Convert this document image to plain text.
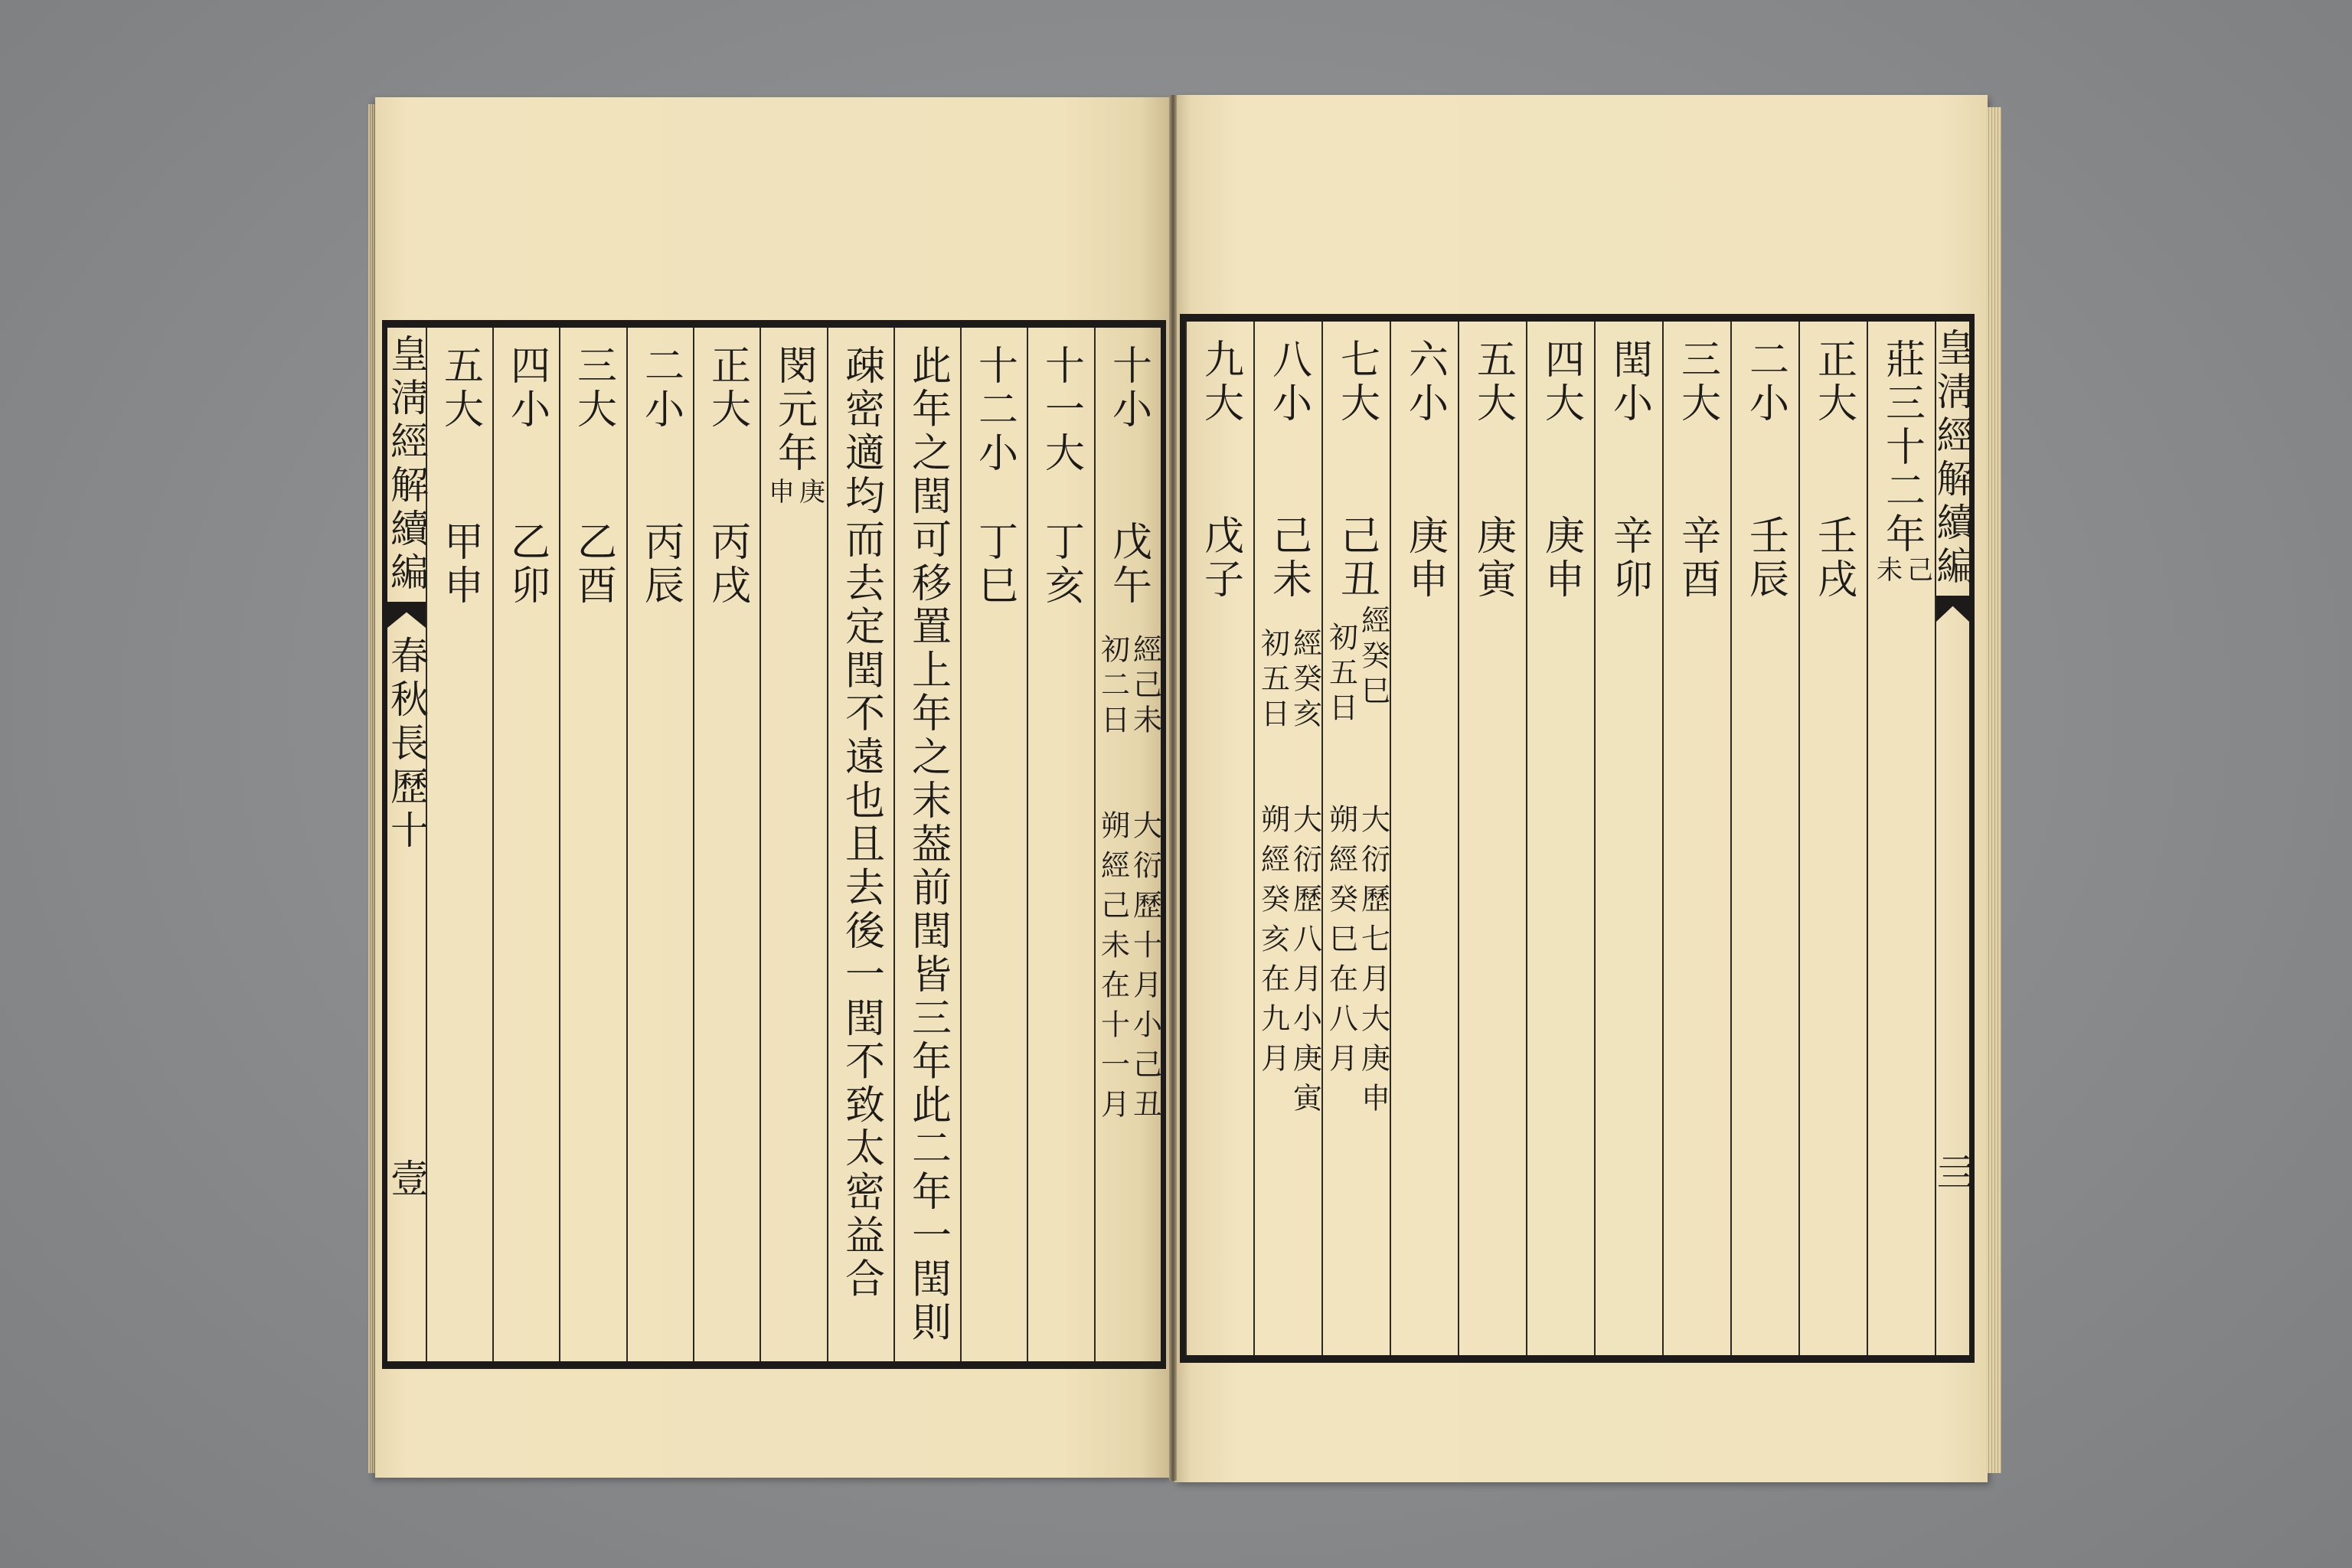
皇淸經解續編
春秋長歷十
壹
十小
戊午
經己未
初二日
大衍歷十月小己丑
朔經己未在十一月
十一大
丁亥
十二小
丁巳
此年之閏可移置上年之末葢前閏皆三年此二年一閏則
疎密適均而去定閏不遠也且去後一閏不致太密益合
閔元年
庚
申
正大
丙戌
二小
丙辰
三大
乙酉
四小
乙卯
五大
甲申
莊三十二年
己
未
正大
壬戌
二小
壬辰
三大
辛酉
閏小
辛卯
四大
庚申
五大
庚寅
六小
庚申
七大
己丑
經癸巳
初五日
大衍歷七月大庚申
朔經癸巳在八月
八小
己未
經癸亥
初五日
大衍歷八月小庚寅
朔經癸亥在九月
九大
戊子	皇淸經解續編
亖
